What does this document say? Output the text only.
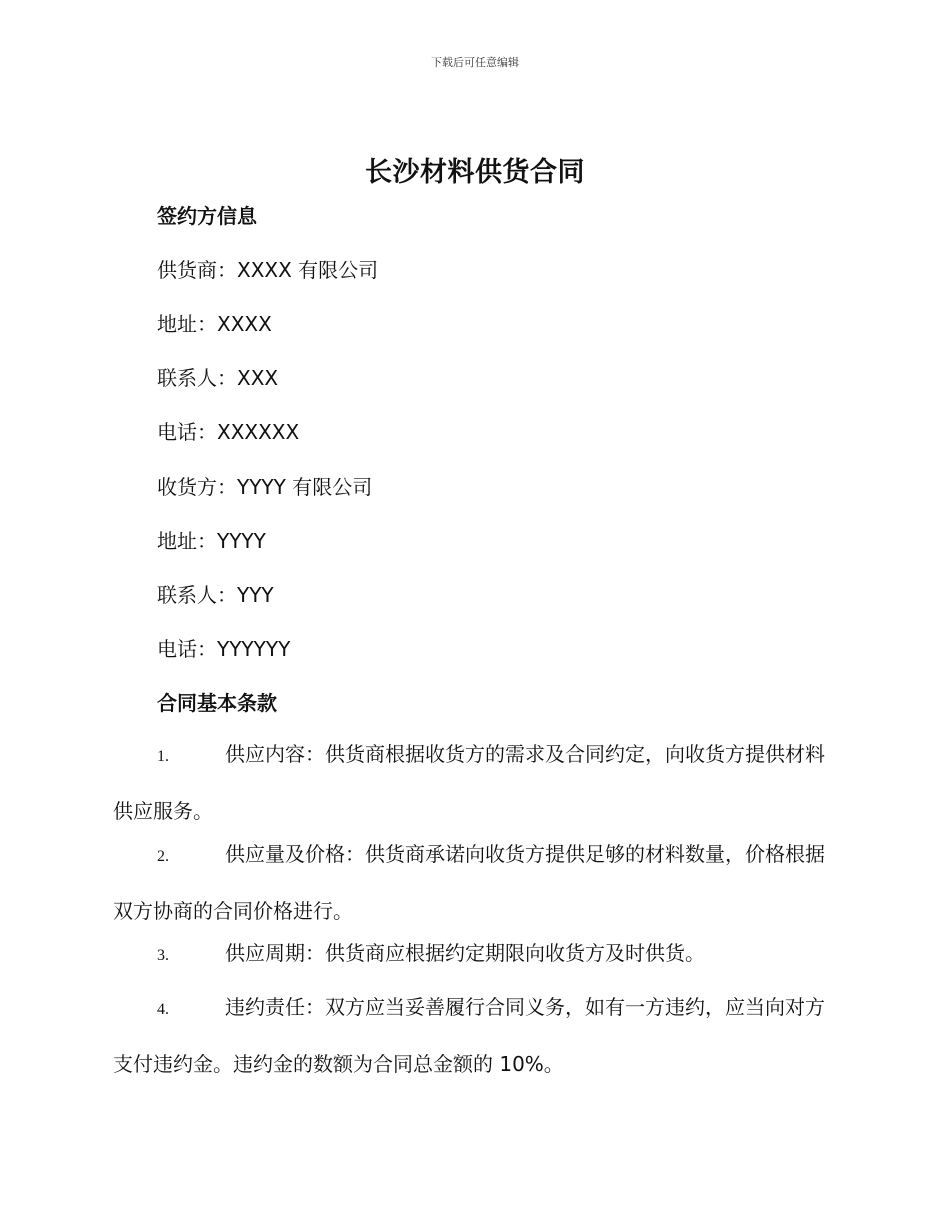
下载后可任意编辑
长沙材料供货合同
签约方信息
供货商：XXXX 有限公司
地址：XXXX
联系人：XXX
电话：XXXXXX
收货方：YYYY 有限公司
地址：YYYY
联系人：YYY
电话：YYYYYY
合同基本条款
1.	供应内容：供货商根据收货方的需求及合同约定，向收货方提供材料供应服务。
2.	供应量及价格：供货商承诺向收货方提供足够的材料数量，价格根据双方协商的合同价格进行。
3.	供应周期：供货商应根据约定期限向收货方及时供货。
4.	违约责任：双方应当妥善履行合同义务，如有一方违约，应当向对方支付违约金。违约金的数额为合同总金额的 10%。
